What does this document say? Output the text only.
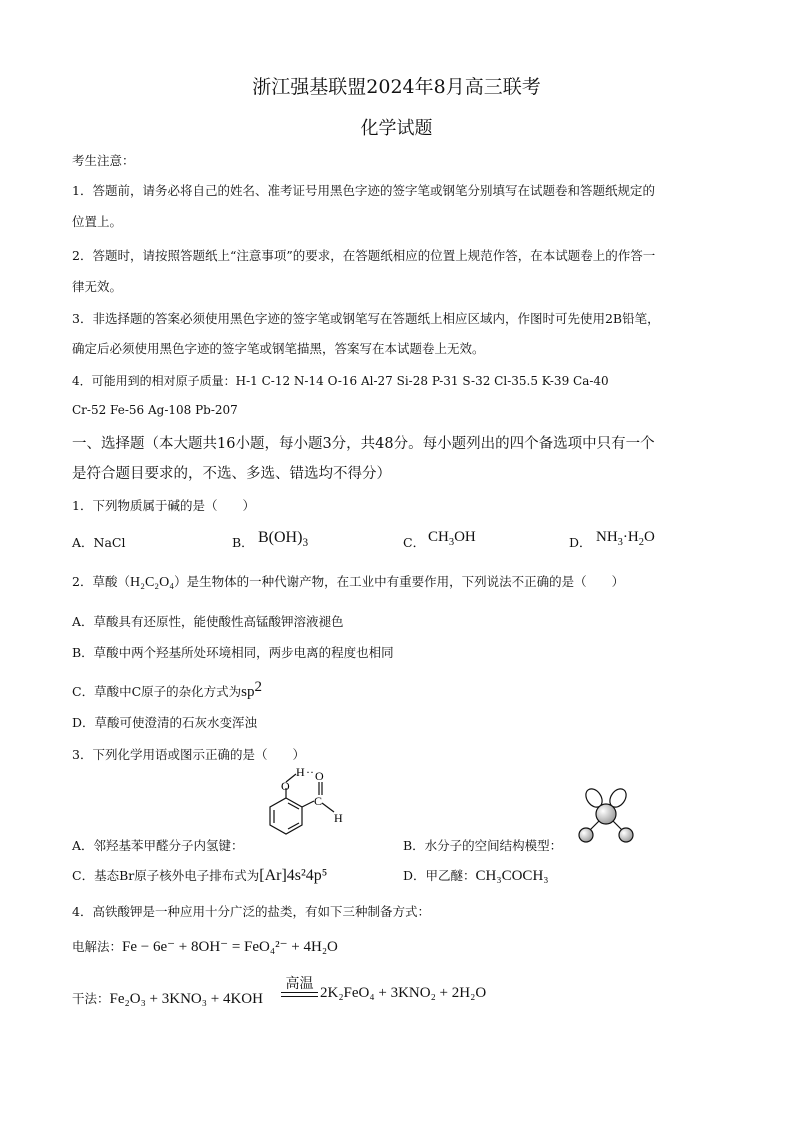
浙江强基联盟2024年8月高三联考
化学试题
考生注意：
1．答题前，请务必将自己的姓名、准考证号用黑色字迹的签字笔或钢笔分别填写在试题卷和答题纸规定的
位置上。
2．答题时，请按照答题纸上“注意事项”的要求，在答题纸相应的位置上规范作答，在本试题卷上的作答一
律无效。
3．非选择题的答案必须使用黑色字迹的签字笔或钢笔写在答题纸上相应区域内，作图时可先使用2B铅笔，
确定后必须使用黑色字迹的签字笔或钢笔描黑，答案写在本试题卷上无效。
4．可能用到的相对原子质量：H-1 C-12 N-14 O-16 Al-27 Si-28 P-31 S-32 Cl-35.5 K-39 Ca-40
Cr-52 Fe-56 Ag-108 Pb-207
一、选择题（本大题共16小题，每小题3分，共48分。每小题列出的四个备选项中只有一个
是符合题目要求的，不选、多选、错选均不得分）
1．下列物质属于碱的是（　　）
A．NaCl	B． $B(OH)_3$	C． $CH_3OH$	D． $NH_3\cdot H_2O$
2．草酸（H₂C₂O₄）是生物体的一种代谢产物，在工业中有重要作用，下列说法不正确的是（　　）
A．草酸具有还原性，能使酸性高锰酸钾溶液褪色
B．草酸中两个羟基所处环境相同，两步电离的程度也相同
C．草酸中C原子的杂化方式为$sp^2$
D．草酸可使澄清的石灰水变浑浊
3．下列化学用语或图示正确的是（　　）
O
H ··
C
H
O
A．邻羟基苯甲醛分子内氢键：	B．水分子的空间结构模型：
C．基态Br原子核外电子排布式为[Ar]4s²4p⁵	D．甲乙醚：CH₃COCH₃
4．高铁酸钾是一种应用十分广泛的盐类，有如下三种制备方式：
电解法：Fe − 6e⁻ + 8OH⁻ = FeO₄²⁻ + 4H₂O
干法：Fe₂O₃ + 3KNO₃ + 4KOH
高温
2K₂FeO₄ + 3KNO₂ + 2H₂O
